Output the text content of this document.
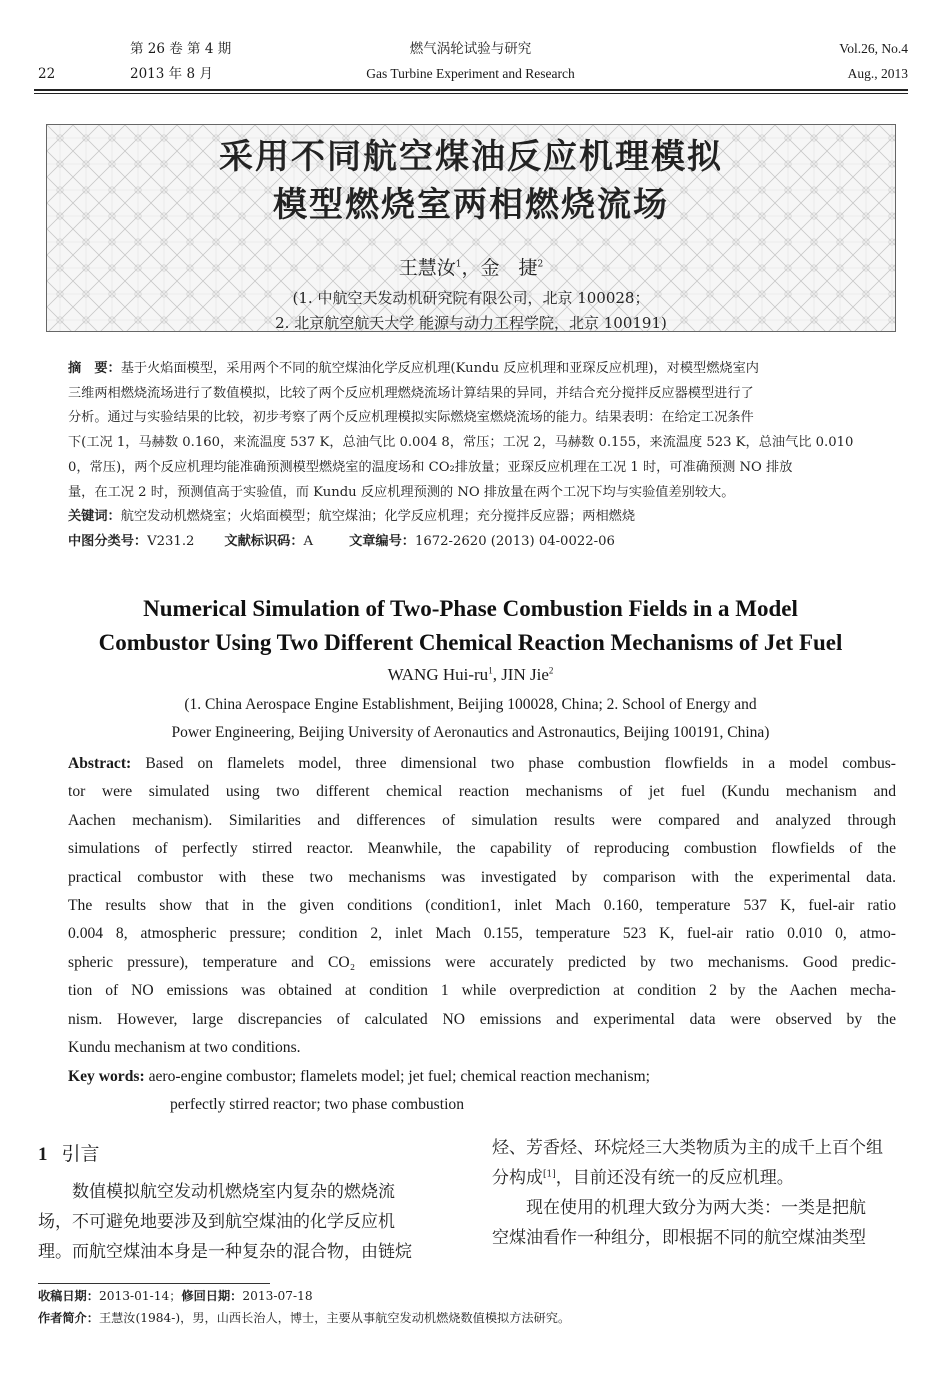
22
第 26 卷 第 4 期
2013 年 8 月
燃气涡轮试验与研究
Gas Turbine Experiment and Research
Vol.26, No.4
Aug., 2013
采用不同航空煤油反应机理模拟
模型燃烧室两相燃烧流场
王慧汝$^1$，金　捷$^2$
(1. 中航空天发动机研究院有限公司，北京 100028；
2. 北京航空航天大学 能源与动力工程学院，北京 100191)
摘　要：基于火焰面模型，采用两个不同的航空煤油化学反应机理(Kundu 反应机理和亚琛反应机理)，对模型燃烧室内
三维两相燃烧流场进行了数值模拟，比较了两个反应机理燃烧流场计算结果的异同，并结合充分搅拌反应器模型进行了
分析。通过与实验结果的比较，初步考察了两个反应机理模拟实际燃烧室燃烧流场的能力。结果表明：在给定工况条件
下(工况 1，马赫数 0.160，来流温度 537 K，总油气比 0.004 8，常压；工况 2，马赫数 0.155，来流温度 523 K，总油气比 0.010
0，常压)，两个反应机理均能准确预测模型燃烧室的温度场和 CO₂排放量；亚琛反应机理在工况 1 时，可准确预测 NO 排放
量，在工况 2 时，预测值高于实验值，而 Kundu 反应机理预测的 NO 排放量在两个工况下均与实验值差别较大。
关键词：航空发动机燃烧室；火焰面模型；航空煤油；化学反应机理；充分搅拌反应器；两相燃烧
中图分类号：V231.2 文献标识码：A	文章编号：1672-2620 (2013) 04-0022-06
Numerical Simulation of Two-Phase Combustion Fields in a Model
Combustor Using Two Different Chemical Reaction Mechanisms of Jet Fuel
WANG Hui-$ru^1$, JIN Jie$^2$
(1. China Aerospace Engine Establishment, Beijing 100028, China; 2. School of Energy and
Power Engineering, Beijing University of Aeronautics and Astronautics, Beijing 100191, China)
Abstract: Based on flamelets model, three dimensional two phase combustion flowfields in a model combus-
tor were simulated using two different chemical reaction mechanisms of jet fuel (Kundu mechanism and
Aachen mechanism). Similarities and differences of simulation results were compared and analyzed through
simulations of perfectly stirred reactor. Meanwhile, the capability of reproducing combustion flowfields of the
practical combustor with these two mechanisms was investigated by comparison with the experimental data.
The results show that in the given conditions (condition1, inlet Mach 0.160, temperature 537 K, fuel-air ratio
0.004 8, atmospheric pressure; condition 2, inlet Mach 0.155, temperature 523 K, fuel-air ratio 0.010 0, atmo-
spheric pressure), temperature and CO₂ emissions were accurately predicted by two mechanisms. Good predic-
tion of NO emissions was obtained at condition 1 while overprediction at condition 2 by the Aachen mecha-
nism. However, large discrepancies of calculated NO emissions and experimental data were observed by the
Kundu mechanism at two conditions.
Key words: aero-engine combustor; flamelets model; jet fuel; chemical reaction mechanism;
perfectly stirred reactor; two phase combustion
1 引言
　　数值模拟航空发动机燃烧室内复杂的燃烧流
场，不可避免地要涉及到航空煤油的化学反应机
理。而航空煤油本身是一种复杂的混合物，由链烷
烃、芳香烃、环烷烃三大类物质为主的成千上百个组
分构成[1]，目前还没有统一的反应机理。
　　现在使用的机理大致分为两大类：一类是把航
空煤油看作一种组分，即根据不同的航空煤油类型
收稿日期：2013-01-14；修回日期：2013-07-18
作者简介：王慧汝(1984-)，男，山西长治人，博士，主要从事航空发动机燃烧数值模拟方法研究。
